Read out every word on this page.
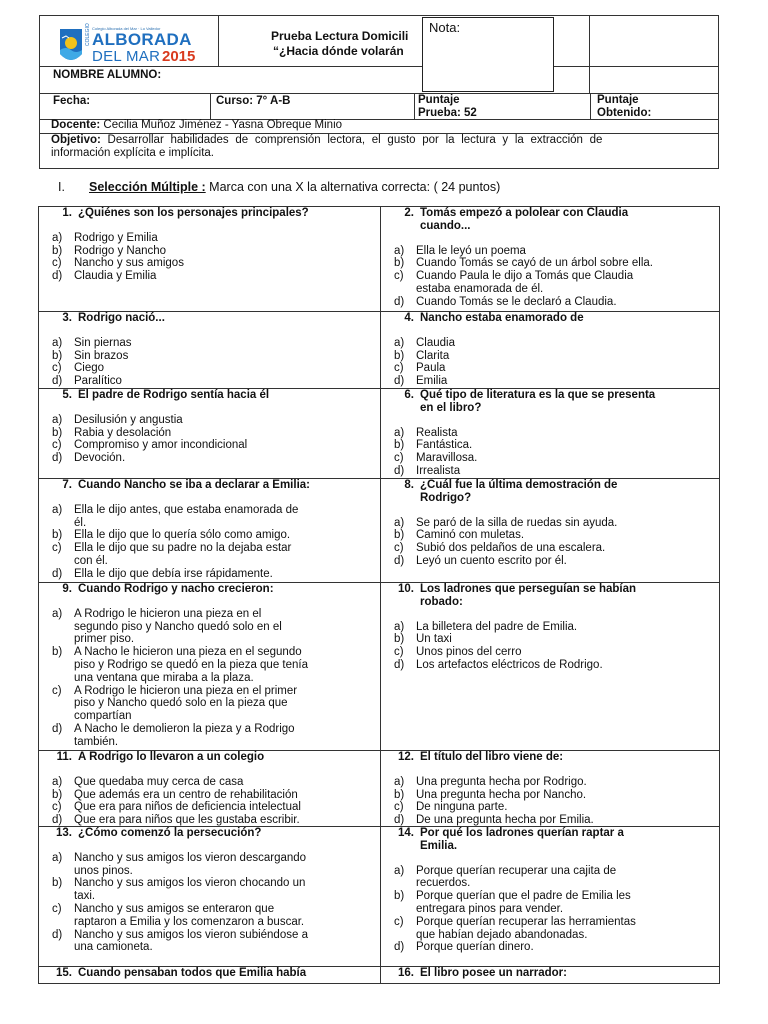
COLEGIO Colegio Alborada del Mar · Lo Valledor
ALBORADA
DEL MAR 2015
Prueba Lectura Domicili
“¿Hacia dónde volarán
Nota:
NOMBRE ALUMNO:
Fecha:	Curso: 7° A-B	Puntaje
Prueba: 52
Puntaje
Obtenido:
Docente: Cecilia Muñoz Jiménez - Yasna Obreque Minio
Objetivo: Desarrollar habilidades de comprensión lectora, el gusto por la lectura y la extracción de
información explícita e implícita.
I. Selección Múltiple : Marca con una X la alternativa correcta: ( 24 puntos)
1. ¿Quiénes son los personajes principales?
a)	Rodrigo y Emilia
b)	Rodrigo y Nancho
c)	Nancho y sus amigos
d)	Claudia y Emilia
2. Tomás empezó a pololear con Claudia
cuando...
a)	Ella le leyó un poema
b)	Cuando Tomás se cayó de un árbol sobre ella.
c)	Cuando Paula le dijo a Tomás que Claudia
estaba enamorada de él.
d)	Cuando Tomás se le declaró a Claudia.
3. Rodrigo nació...
a)	Sin piernas
b)	Sin brazos
c)	Ciego
d)	Paralítico
4. Nancho estaba enamorado de
a)	Claudia
b)	Clarita
c)	Paula
d)	Emilia
5. El padre de Rodrigo sentía hacia él
a)	Desilusión y angustia
b)	Rabia y desolación
c)	Compromiso y amor incondicional
d)	Devoción.
6. Qué tipo de literatura es la que se presenta
en el libro?
a)	Realista
b)	Fantástica.
c)	Maravillosa.
d)	Irrealista
7. Cuando Nancho se iba a declarar a Emilia:
a)	Ella le dijo antes, que estaba enamorada de
él.
b)	Ella le dijo que lo quería sólo como amigo.
c)	Ella le dijo que su padre no la dejaba estar
con él.
d)	Ella le dijo que debía irse rápidamente.
8. ¿Cuál fue la última demostración de
Rodrigo?
a)	Se paró de la silla de ruedas sin ayuda.
b)	Caminó con muletas.
c)	Subió dos peldaños de una escalera.
d)	Leyó un cuento escrito por él.
9. Cuando Rodrigo y nacho crecieron:
a)	A Rodrigo le hicieron una pieza en el
segundo piso y Nancho quedó solo en el
primer piso.
b)	A Nacho le hicieron una pieza en el segundo
piso y Rodrigo se quedó en la pieza que tenía
una ventana que miraba a la plaza.
c)	A Rodrigo le hicieron una pieza en el primer
piso y Nancho quedó solo en la pieza que
compartían
d)	A Nacho le demolieron la pieza y a Rodrigo
también.
10. Los ladrones que perseguían se habían
robado:
a)	La billetera del padre de Emilia.
b)	Un taxi
c)	Unos pinos del cerro
d)	Los artefactos eléctricos de Rodrigo.
11. A Rodrigo lo llevaron a un colegio
a)	Que quedaba muy cerca de casa
b)	Que además era un centro de rehabilitación
c)	Que era para niños de deficiencia intelectual
d)	Que era para niños que les gustaba escribir.
12. El título del libro viene de:
a)	Una pregunta hecha por Rodrigo.
b)	Una pregunta hecha por Nancho.
c)	De ninguna parte.
d)	De una pregunta hecha por Emilia.
13. ¿Cómo comenzó la persecución?
a)	Nancho y sus amigos los vieron descargando
unos pinos.
b)	Nancho y sus amigos los vieron chocando un
taxi.
c)	Nancho y sus amigos se enteraron que
raptaron a Emilia y los comenzaron a buscar.
d)	Nancho y sus amigos los vieron subiéndose a
una camioneta.
14. Por qué los ladrones querían raptar a
Emilia.
a)	Porque querían recuperar una cajita de
recuerdos.
b)	Porque querían que el padre de Emilia les
entregara pinos para vender.
c)	Porque querían recuperar las herramientas
que habían dejado abandonadas.
d)	Porque querían dinero.
15. Cuando pensaban todos que Emilia había	16. El libro posee un narrador:
